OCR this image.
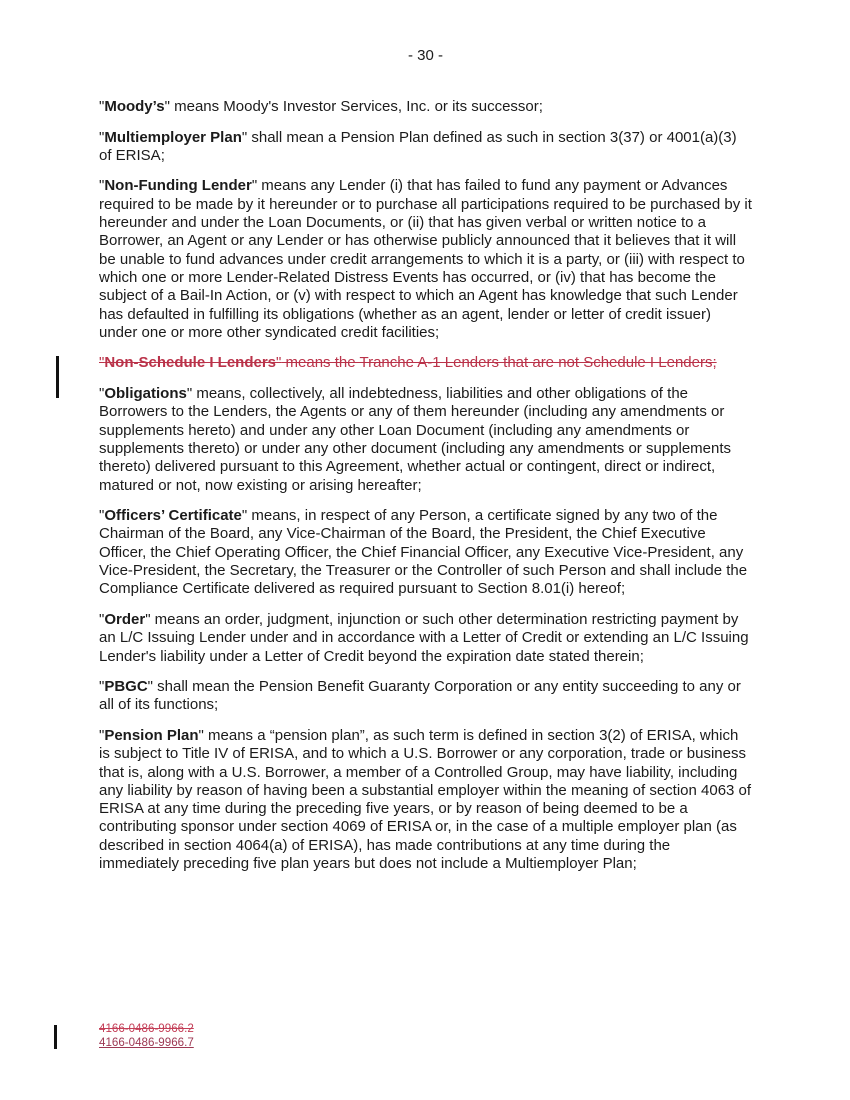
- 30 -

"Moody’s" means Moody's Investor Services, Inc. or its successor;

"Multiemployer Plan" shall mean a Pension Plan defined as such in section 3(37) or 4001(a)(3) of ERISA;

"Non-Funding Lender" means any Lender (i) that has failed to fund any payment or Advances required to be made by it hereunder or to purchase all participations required to be purchased by it hereunder and under the Loan Documents, or (ii) that has given verbal or written notice to a Borrower, an Agent or any Lender or has otherwise publicly announced that it believes that it will be unable to fund advances under credit arrangements to which it is a party, or (iii) with respect to which one or more Lender-Related Distress Events has occurred, or (iv) that has become the subject of a Bail-In Action, or (v) with respect to which an Agent has knowledge that such Lender has defaulted in fulfilling its obligations (whether as an agent, lender or letter of credit issuer) under one or more other syndicated credit facilities;

"Non-Schedule I Lenders" means the Tranche A-1 Lenders that are not Schedule I Lenders;

"Obligations" means, collectively, all indebtedness, liabilities and other obligations of the Borrowers to the Lenders, the Agents or any of them hereunder (including any amendments or supplements hereto) and under any other Loan Document (including any amendments or supplements thereto) or under any other document (including any amendments or supplements thereto) delivered pursuant to this Agreement, whether actual or contingent, direct or indirect, matured or not, now existing or arising hereafter;

"Officers’ Certificate" means, in respect of any Person, a certificate signed by any two of the Chairman of the Board, any Vice-Chairman of the Board, the President, the Chief Executive Officer, the Chief Operating Officer, the Chief Financial Officer, any Executive Vice-President, any Vice-President, the Secretary, the Treasurer or the Controller of such Person and shall include the Compliance Certificate delivered as required pursuant to Section 8.01(i) hereof;

"Order" means an order, judgment, injunction or such other determination restricting payment by an L/C Issuing Lender under and in accordance with a Letter of Credit or extending an L/C Issuing Lender's liability under a Letter of Credit beyond the expiration date stated therein;

"PBGC" shall mean the Pension Benefit Guaranty Corporation or any entity succeeding to any or all of its functions;

"Pension Plan" means a “pension plan”, as such term is defined in section 3(2) of ERISA, which is subject to Title IV of ERISA, and to which a U.S. Borrower or any corporation, trade or business that is, along with a U.S. Borrower, a member of a Controlled Group, may have liability, including any liability by reason of having been a substantial employer within the meaning of section 4063 of ERISA at any time during the preceding five years, or by reason of being deemed to be a contributing sponsor under section 4069 of ERISA or, in the case of a multiple employer plan (as described in section 4064(a) of ERISA), has made contributions at any time during the immediately preceding five plan years but does not include a Multiemployer Plan;

4166-0486-9966.2
4166-0486-9966.7
